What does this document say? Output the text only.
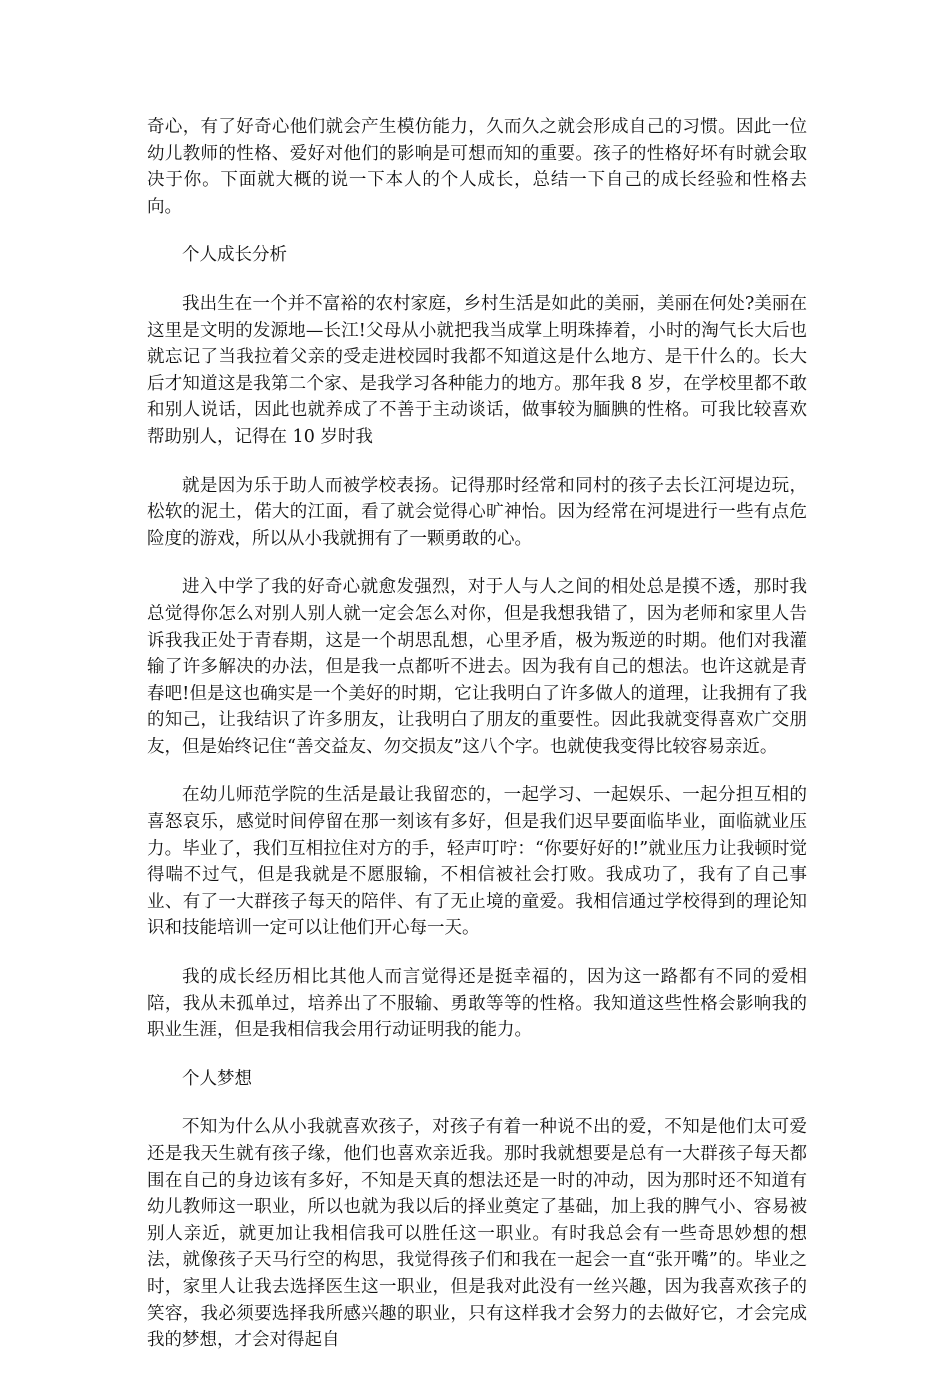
奇心，有了好奇心他们就会产生模仿能力，久而久之就会形成自己的习惯。因此一位幼儿教师的性格、爱好对他们的影响是可想而知的重要。孩子的性格好坏有时就会取决于你。下面就大概的说一下本人的个人成长，总结一下自己的成长经验和性格去向。

个人成长分析

我出生在一个并不富裕的农村家庭，乡村生活是如此的美丽，美丽在何处?美丽在这里是文明的发源地—长江!父母从小就把我当成掌上明珠捧着，小时的淘气长大后也就忘记了当我拉着父亲的受走进校园时我都不知道这是什么地方、是干什么的。长大后才知道这是我第二个家、是我学习各种能力的地方。那年我 8 岁，在学校里都不敢和别人说话，因此也就养成了不善于主动谈话，做事较为腼腆的性格。可我比较喜欢帮助别人，记得在 10 岁时我

就是因为乐于助人而被学校表扬。记得那时经常和同村的孩子去长江河堤边玩，松软的泥土，偌大的江面，看了就会觉得心旷神怡。因为经常在河堤进行一些有点危险度的游戏，所以从小我就拥有了一颗勇敢的心。

进入中学了我的好奇心就愈发强烈，对于人与人之间的相处总是摸不透，那时我总觉得你怎么对别人别人就一定会怎么对你，但是我想我错了，因为老师和家里人告诉我我正处于青春期，这是一个胡思乱想，心里矛盾，极为叛逆的时期。他们对我灌输了许多解决的办法，但是我一点都听不进去。因为我有自己的想法。也许这就是青春吧!但是这也确实是一个美好的时期，它让我明白了许多做人的道理，让我拥有了我的知己，让我结识了许多朋友，让我明白了朋友的重要性。因此我就变得喜欢广交朋友，但是始终记住“善交益友、勿交损友”这八个字。也就使我变得比较容易亲近。

在幼儿师范学院的生活是最让我留恋的，一起学习、一起娱乐、一起分担互相的喜怒哀乐，感觉时间停留在那一刻该有多好，但是我们迟早要面临毕业，面临就业压力。毕业了，我们互相拉住对方的手，轻声叮咛：“你要好好的!”就业压力让我顿时觉得喘不过气，但是我就是不愿服输，不相信被社会打败。我成功了，我有了自己事业、有了一大群孩子每天的陪伴、有了无止境的童爱。我相信通过学校得到的理论知识和技能培训一定可以让他们开心每一天。

我的成长经历相比其他人而言觉得还是挺幸福的，因为这一路都有不同的爱相陪，我从未孤单过，培养出了不服输、勇敢等等的性格。我知道这些性格会影响我的职业生涯，但是我相信我会用行动证明我的能力。

个人梦想

不知为什么从小我就喜欢孩子，对孩子有着一种说不出的爱，不知是他们太可爱还是我天生就有孩子缘，他们也喜欢亲近我。那时我就想要是总有一大群孩子每天都围在自己的身边该有多好，不知是天真的想法还是一时的冲动，因为那时还不知道有幼儿教师这一职业，所以也就为我以后的择业奠定了基础，加上我的脾气小、容易被别人亲近，就更加让我相信我可以胜任这一职业。有时我总会有一些奇思妙想的想法，就像孩子天马行空的构思，我觉得孩子们和我在一起会一直“张开嘴”的。毕业之时，家里人让我去选择医生这一职业，但是我对此没有一丝兴趣，因为我喜欢孩子的笑容，我必须要选择我所感兴趣的职业，只有这样我才会努力的去做好它，才会完成我的梦想，才会对得起自
